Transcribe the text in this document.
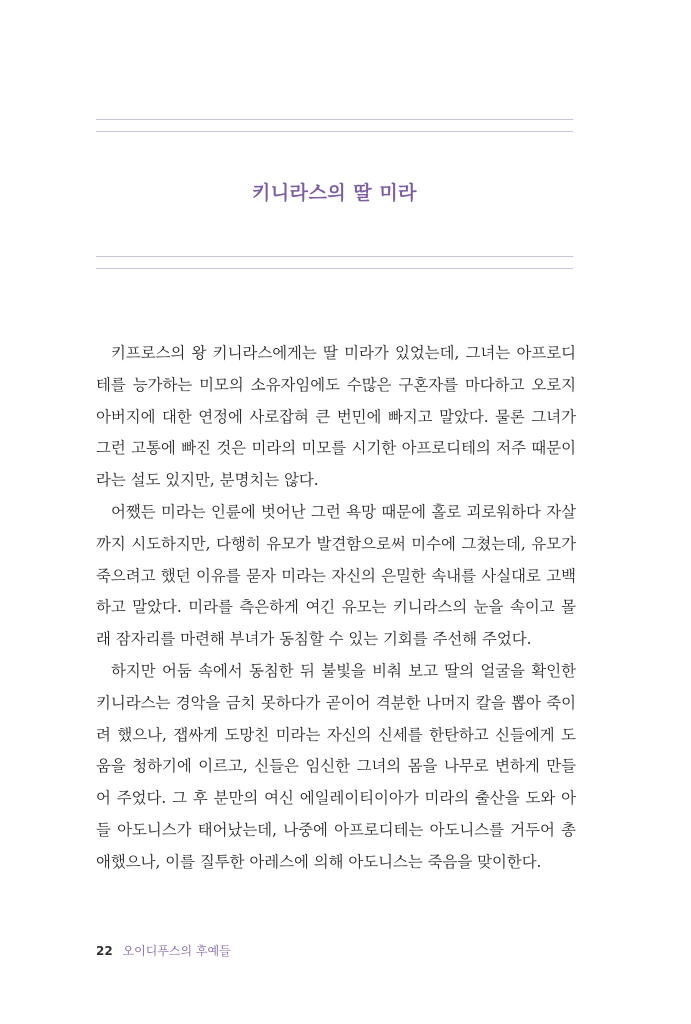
키니라스의 딸 미라

키프로스의 왕 키니라스에게는 딸 미라가 있었는데, 그녀는 아프로디

테를 능가하는 미모의 소유자임에도 수많은 구혼자를 마다하고 오로지

아버지에 대한 연정에 사로잡혀 큰 번민에 빠지고 말았다. 물론 그녀가

그런 고통에 빠진 것은 미라의 미모를 시기한 아프로디테의 저주 때문이

라는 설도 있지만, 분명치는 않다.

어쨌든 미라는 인륜에 벗어난 그런 욕망 때문에 홀로 괴로워하다 자살

까지 시도하지만, 다행히 유모가 발견함으로써 미수에 그쳤는데, 유모가

죽으려고 했던 이유를 묻자 미라는 자신의 은밀한 속내를 사실대로 고백

하고 말았다. 미라를 측은하게 여긴 유모는 키니라스의 눈을 속이고 몰

래 잠자리를 마련해 부녀가 동침할 수 있는 기회를 주선해 주었다.

하지만 어둠 속에서 동침한 뒤 불빛을 비춰 보고 딸의 얼굴을 확인한

키니라스는 경악을 금치 못하다가 곧이어 격분한 나머지 칼을 뽑아 죽이

려 했으나, 잽싸게 도망친 미라는 자신의 신세를 한탄하고 신들에게 도

움을 청하기에 이르고, 신들은 임신한 그녀의 몸을 나무로 변하게 만들

어 주었다. 그 후 분만의 여신 에일레이티이아가 미라의 출산을 도와 아

들 아도니스가 태어났는데, 나중에 아프로디테는 아도니스를 거두어 총

애했으나, 이를 질투한 아레스에 의해 아도니스는 죽음을 맞이한다.

22 오이디푸스의 후예들
